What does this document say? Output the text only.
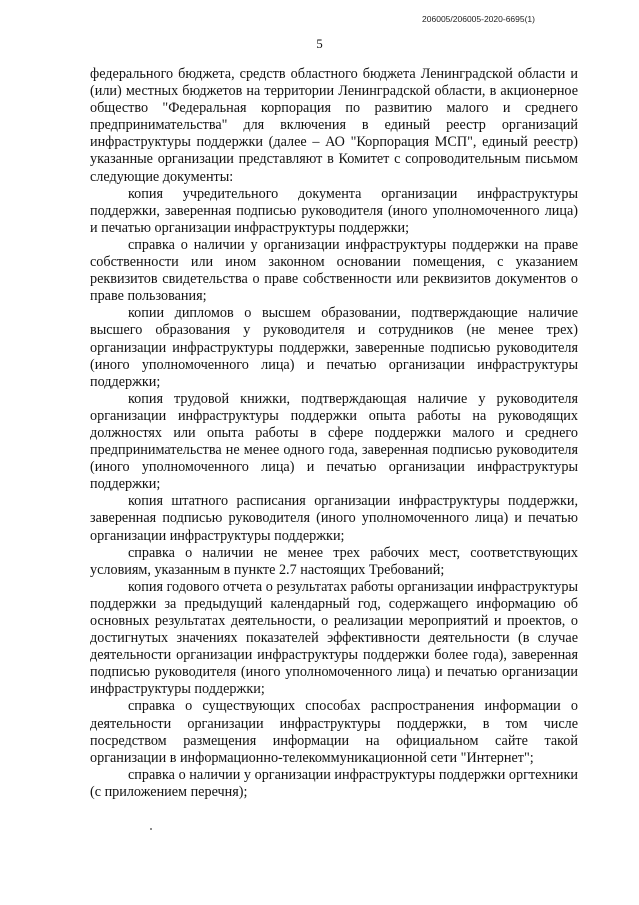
206005/206005-2020-6695(1)
5

федерального бюджета, средств областного бюджета Ленинградской области и (или) местных бюджетов на территории Ленинградской области, в акционерное общество "Федеральная корпорация по развитию малого и среднего предпринимательства" для включения в единый реестр организаций инфраструктуры поддержки (далее – АО "Корпорация МСП", единый реестр) указанные организации представляют в Комитет с сопроводительным письмом следующие документы:

копия учредительного документа организации инфраструктуры поддержки, заверенная подписью руководителя (иного уполномоченного лица) и печатью организации инфраструктуры поддержки;

справка о наличии у организации инфраструктуры поддержки на праве собственности или ином законном основании помещения, с указанием реквизитов свидетельства о праве собственности или реквизитов документов о праве пользования;

копии дипломов о высшем образовании, подтверждающие наличие высшего образования у руководителя и сотрудников (не менее трех) организации инфраструктуры поддержки, заверенные подписью руководителя (иного уполномоченного лица) и печатью организации инфраструктуры поддержки;

копия трудовой книжки, подтверждающая наличие у руководителя организации инфраструктуры поддержки опыта работы на руководящих должностях или опыта работы в сфере поддержки малого и среднего предпринимательства не менее одного года, заверенная подписью руководителя (иного уполномоченного лица) и печатью организации инфраструктуры поддержки;

копия штатного расписания организации инфраструктуры поддержки, заверенная подписью руководителя (иного уполномоченного лица) и печатью организации инфраструктуры поддержки;

справка о наличии не менее трех рабочих мест, соответствующих условиям, указанным в пункте 2.7 настоящих Требований;

копия годового отчета о результатах работы организации инфраструктуры поддержки за предыдущий календарный год, содержащего информацию об основных результатах деятельности, о реализации мероприятий и проектов, о достигнутых значениях показателей эффективности деятельности (в случае деятельности организации инфраструктуры поддержки более года), заверенная подписью руководителя (иного уполномоченного лица) и печатью организации инфраструктуры поддержки;

справка о существующих способах распространения информации о деятельности организации инфраструктуры поддержки, в том числе посредством размещения информации на официальном сайте такой организации в информационно-телекоммуникационной сети "Интернет";

справка о наличии у организации инфраструктуры поддержки оргтехники (с приложением перечня);
